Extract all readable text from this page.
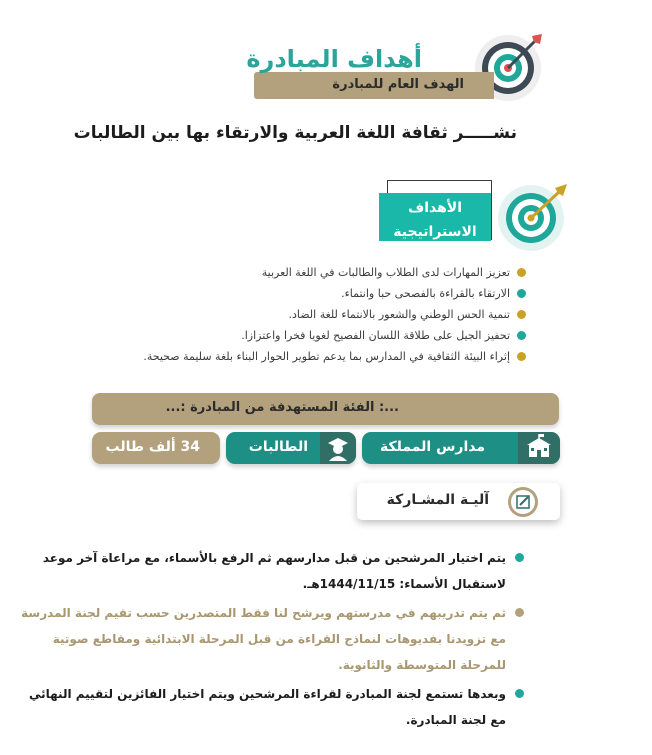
الهدف العام للمبادرة
أهداف المبادرة
نشـــــر ثقافة اللغة العربية والارتقاء بها بين الطالبات
الأهداف
الاستراتيجية
تعزيز المهارات لدى الطلاب والطالبات في اللغة العربية
الارتقاء بالقراءة بالفصحى حبا وانتماء.
تنمية الحس الوطني والشعور بالانتماء للغة الضاد.
تحفيز الجيل على طلاقة اللسان الفصيح لغويا فخرا واعتزازا.
إثراء البيئة الثقافية في المدارس بما يدعم تطوير الحوار البناء بلغة سليمة صحيحة.
...: الفئة المستهدفة من المبادرة :...
مدارس المملكة
الطالبات
34 ألف طالب
آليـة المشـاركة
يتم اختيار المرشحين من قبل مدارسهم ثم الرفع بالأسماء، مع مراعاة آخر موعد
لاستقبال الأسماء: 1444/11/15هـ.
ثم يتم تدريبهم في مدرستهم ويرشح لنا فقط المتصدرين حسب تقيم لجنة المدرسة
مع تزويدنا بفديوهات لنماذج القراءة من قبل المرحلة الابتدائية ومقاطع صوتية
للمرحلة المتوسطة والثانوية.
وبعدها تستمع لجنة المبادرة لقراءة المرشحين ويتم اختيار الفائزين لتقييم النهائي
مع لجنة المبادرة.
